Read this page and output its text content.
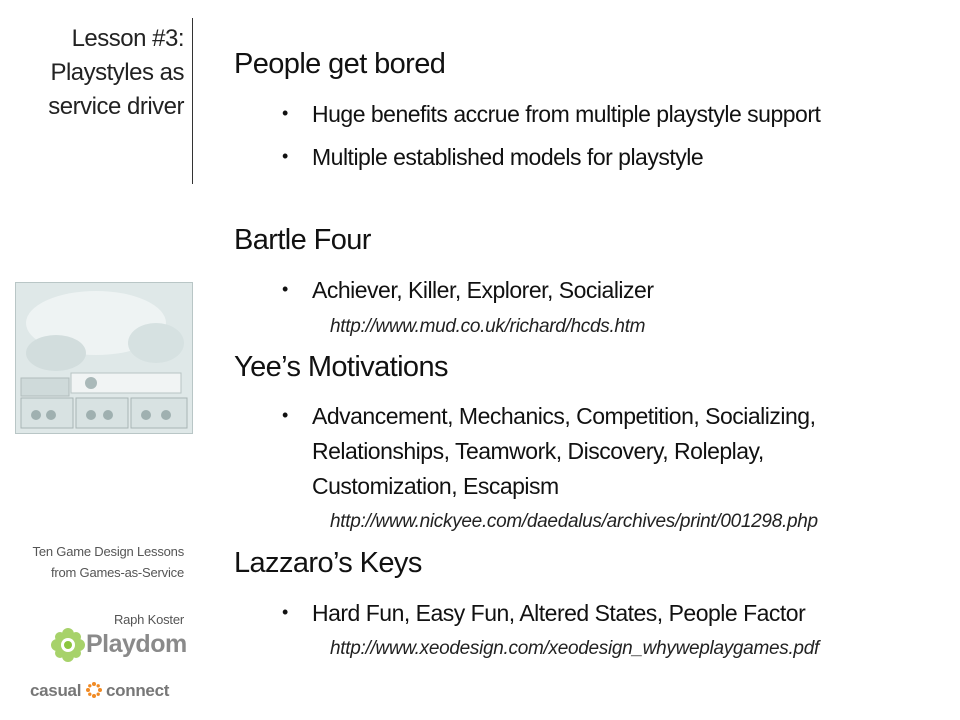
Lesson #3:
Playstyles as
service driver
Ten Game Design Lessons
from Games-as-Service
Raph Koster
Playdom
casual connect
People get bored
• Huge benefits accrue from multiple playstyle support
• Multiple established models for playstyle
Bartle Four
• Achiever, Killer, Explorer, Socializer
http://www.mud.co.uk/richard/hcds.htm
Yee’s Motivations
• Advancement, Mechanics, Competition, Socializing,
Relationships, Teamwork, Discovery, Roleplay,
Customization, Escapism
http://www.nickyee.com/daedalus/archives/print/001298.php
Lazzaro’s Keys
• Hard Fun, Easy Fun, Altered States, People Factor
http://www.xeodesign.com/xeodesign_whyweplaygames.pdf
